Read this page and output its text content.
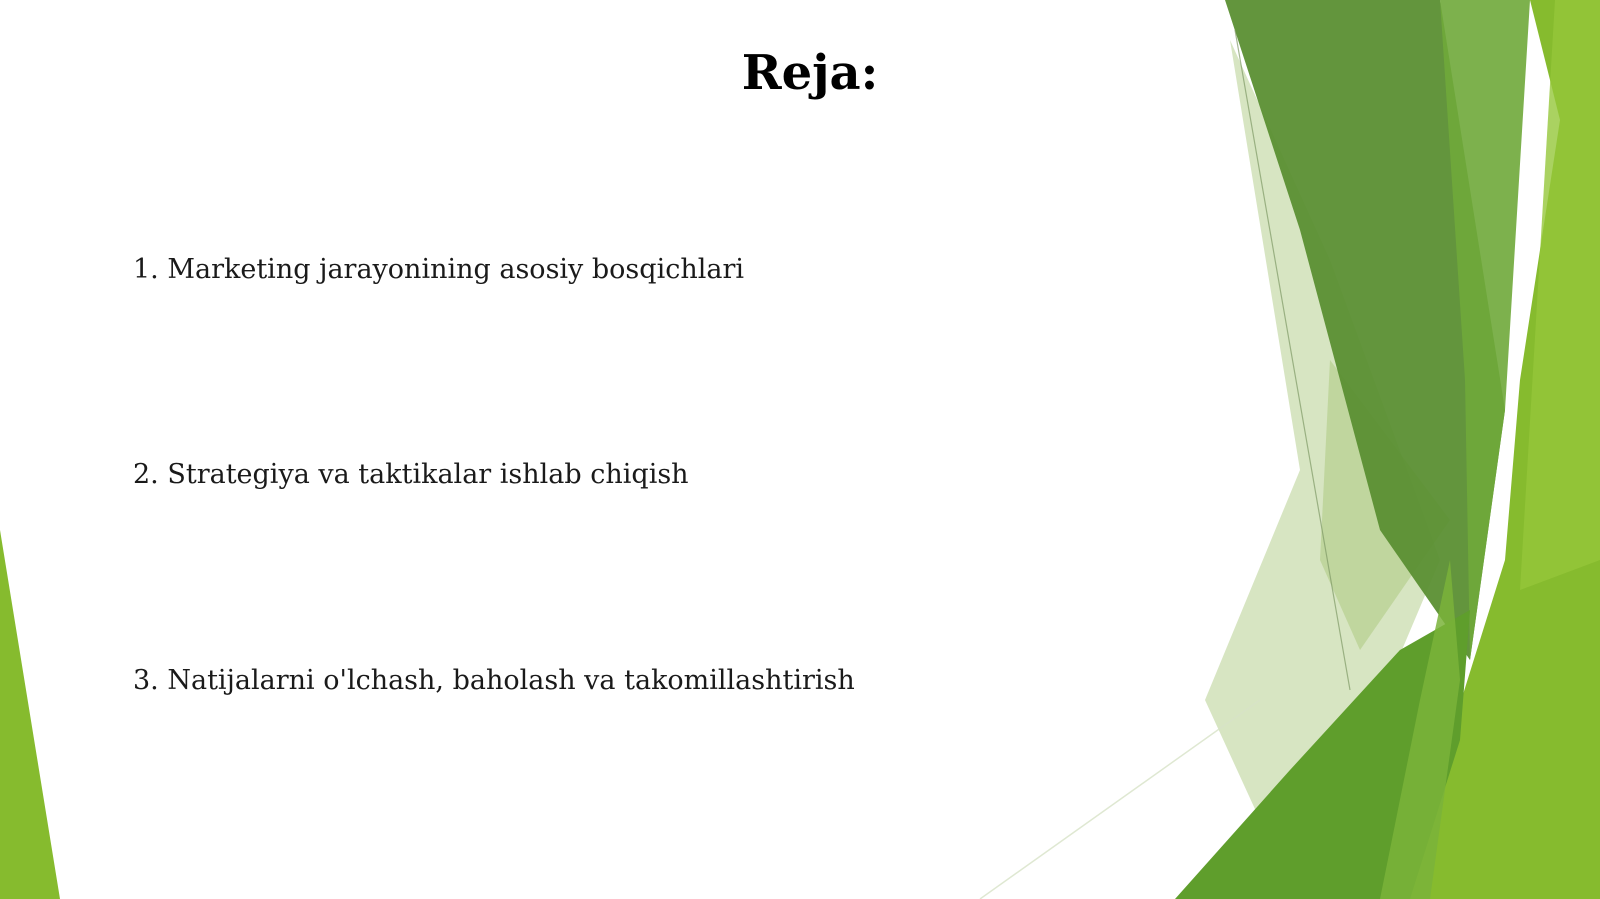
Reja:
1. Marketing jarayonining asosiy bosqichlari
2. Strategiya va taktikalar ishlab chiqish
3. Natijalarni o'lchash, baholash va takomillashtirish
